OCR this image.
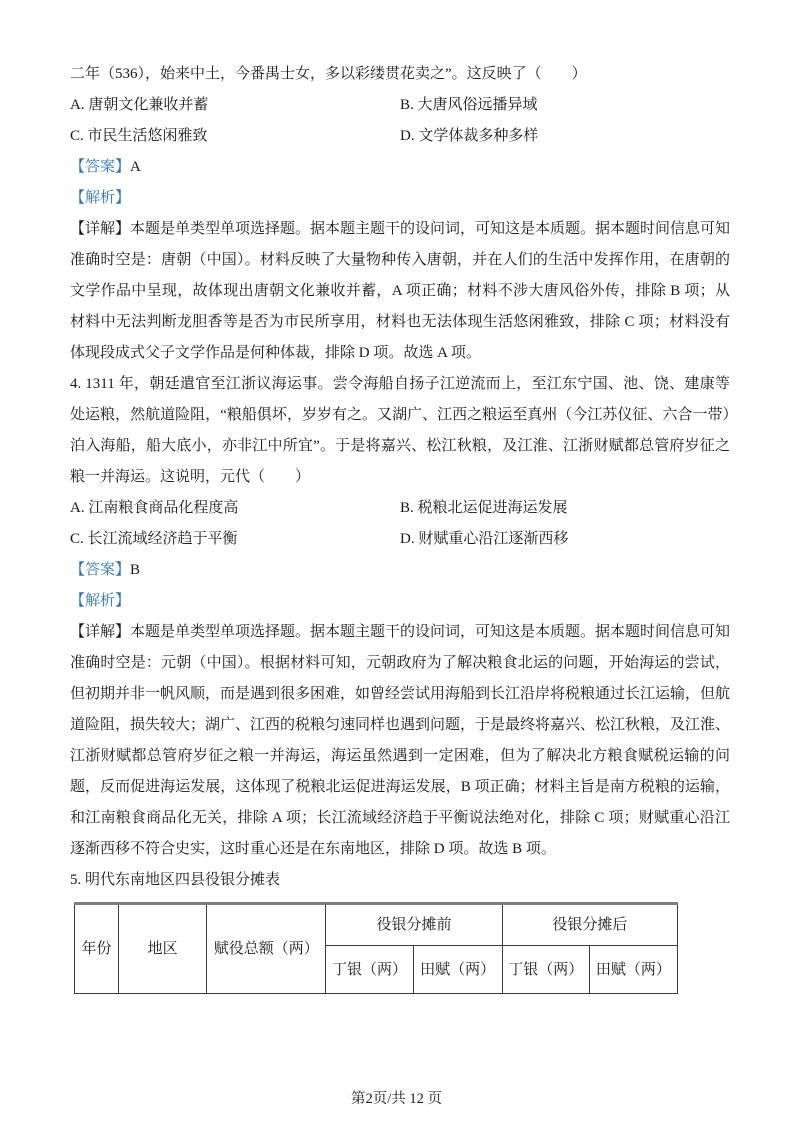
二年（536），始来中土，今番禺士女，多以彩缕贯花卖之”。这反映了（　　）

A. 唐朝文化兼收并蓄	B. 大唐风俗远播异域
C. 市民生活悠闲雅致	D. 文学体裁多种多样

【答案】A

【解析】

【详解】本题是单类型单项选择题。据本题主题干的设问词，可知这是本质题。据本题时间信息可知准确时空是：唐朝（中国）。材料反映了大量物种传入唐朝，并在人们的生活中发挥作用，在唐朝的文学作品中呈现，故体现出唐朝文化兼收并蓄，A 项正确；材料不涉大唐风俗外传，排除 B 项；从材料中无法判断龙胆香等是否为市民所享用，材料也无法体现生活悠闲雅致，排除 C 项；材料没有体现段成式父子文学作品是何种体裁，排除 D 项。故选 A 项。

4. 1311 年，朝廷遣官至江浙议海运事。尝令海船自扬子江逆流而上，至江东宁国、池、饶、建康等处运粮，然航道险阻，“粮船俱坏，岁岁有之。又湖广、江西之粮运至真州（今江苏仪征、六合一带）泊入海船，船大底小，亦非江中所宜”。于是将嘉兴、松江秋粮，及江淮、江浙财赋都总管府岁征之粮一并海运。这说明，元代（　　）

A. 江南粮食商品化程度高	B. 税粮北运促进海运发展
C. 长江流域经济趋于平衡	D. 财赋重心沿江逐渐西移

【答案】B

【解析】

【详解】本题是单类型单项选择题。据本题主题干的设问词，可知这是本质题。据本题时间信息可知准确时空是：元朝（中国）。根据材料可知，元朝政府为了解决粮食北运的问题，开始海运的尝试，但初期并非一帆风顺，而是遇到很多困难，如曾经尝试用海船到长江沿岸将税粮通过长江运输，但航道险阻，损失较大；湖广、江西的税粮匀速同样也遇到问题，于是最终将嘉兴、松江秋粮，及江淮、江浙财赋都总管府岁征之粮一并海运，海运虽然遇到一定困难，但为了解决北方粮食赋税运输的问题，反而促进海运发展，这体现了税粮北运促进海运发展，B 项正确；材料主旨是南方税粮的运输，和江南粮食商品化无关，排除 A 项；长江流域经济趋于平衡说法绝对化，排除 C 项；财赋重心沿江逐渐西移不符合史实，这时重心还是在东南地区，排除 D 项。故选 B 项。

5. 明代东南地区四县役银分摊表

年份	地区	赋役总额（两）	役银分摊前		役银分摊后	
			丁银（两）	田赋（两）	丁银（两）	田赋（两）
第2页/共 12 页
